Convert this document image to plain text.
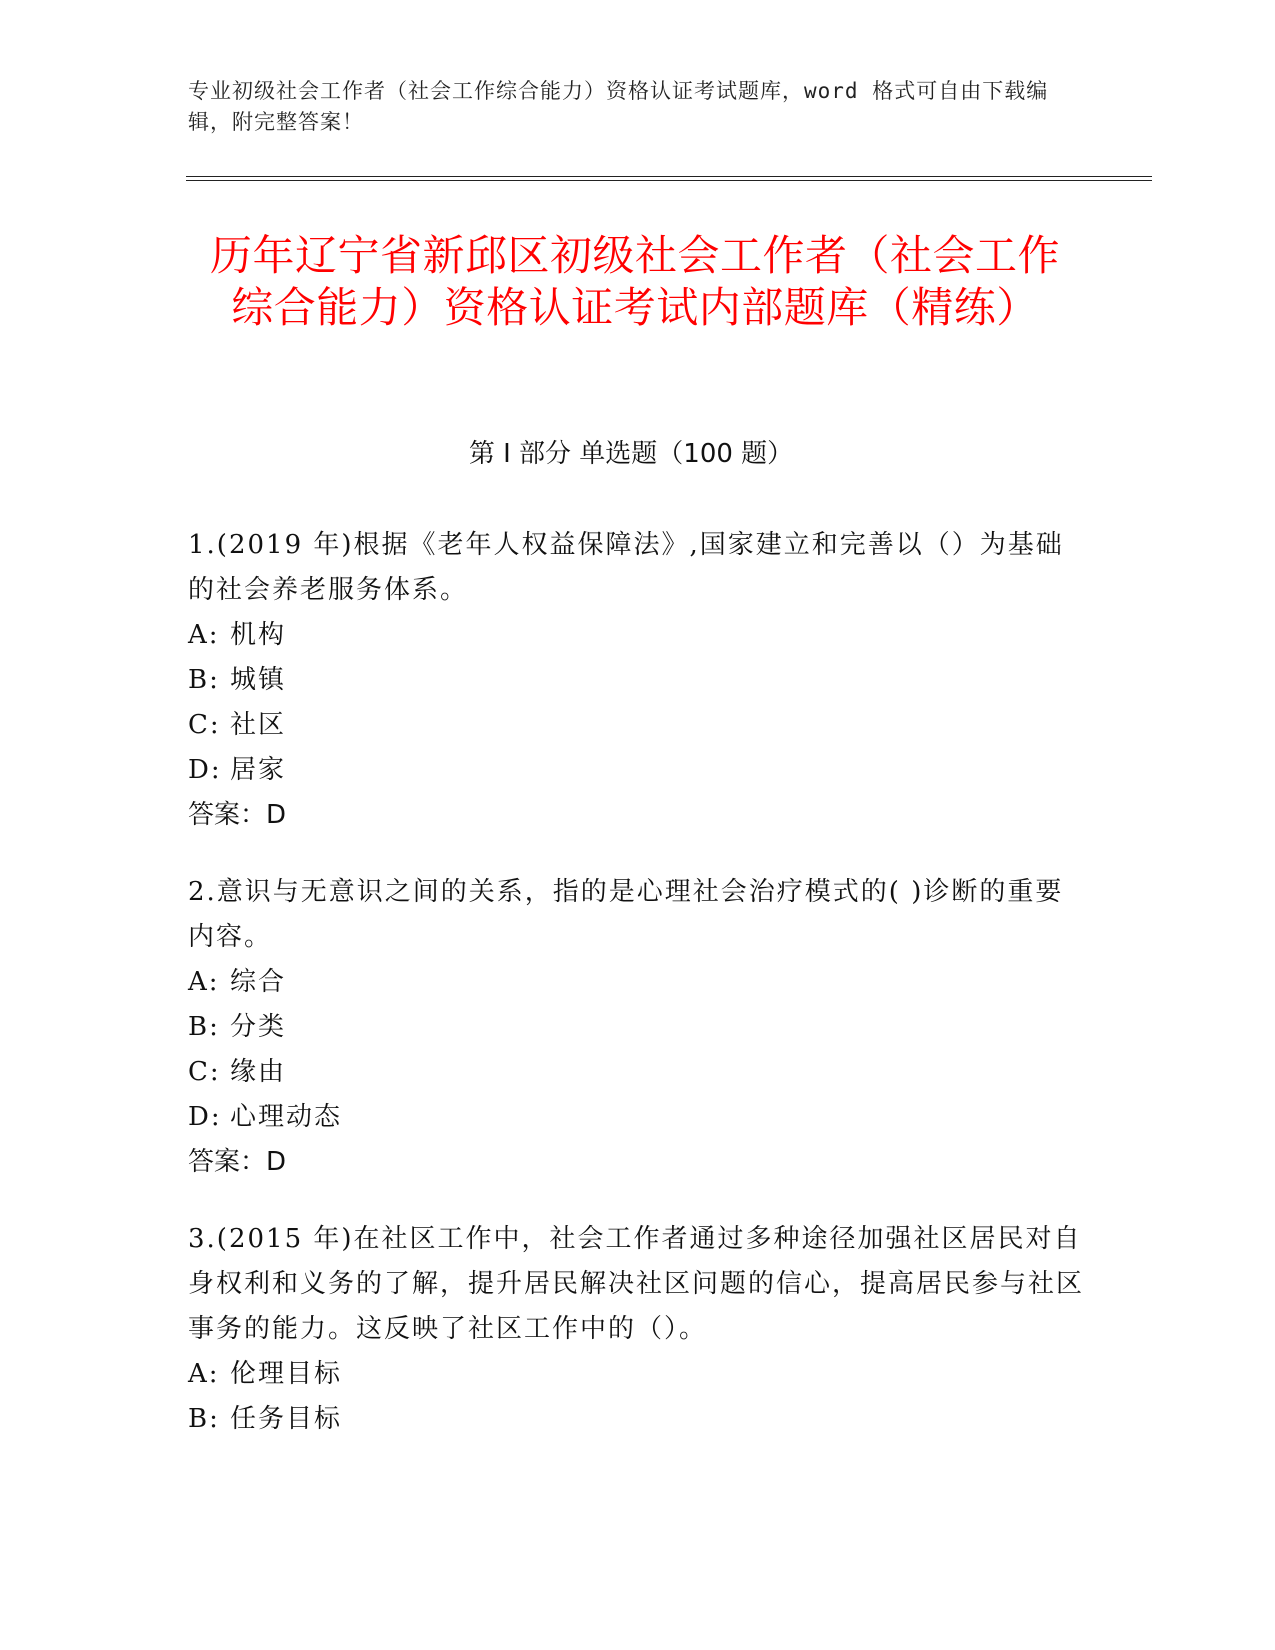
专业初级社会工作者（社会工作综合能力）资格认证考试题库，word 格式可自由下载编辑，附完整答案！
历年辽宁省新邱区初级社会工作者（社会工作综合能力）资格认证考试内部题库（精练）
第 I 部分 单选题（100 题）

1.(2019 年)根据《老年人权益保障法》,国家建立和完善以（）为基础的社会养老服务体系。

A: 机构

B: 城镇

C: 社区

D: 居家

答案：D

2.意识与无意识之间的关系，指的是心理社会治疗模式的( )诊断的重要内容。

A: 综合

B: 分类

C: 缘由

D: 心理动态

答案：D

3.(2015 年)在社区工作中，社会工作者通过多种途径加强社区居民对自身权利和义务的了解，提升居民解决社区问题的信心，提高居民参与社区事务的能力。这反映了社区工作中的（）。

A: 伦理目标

B: 任务目标
